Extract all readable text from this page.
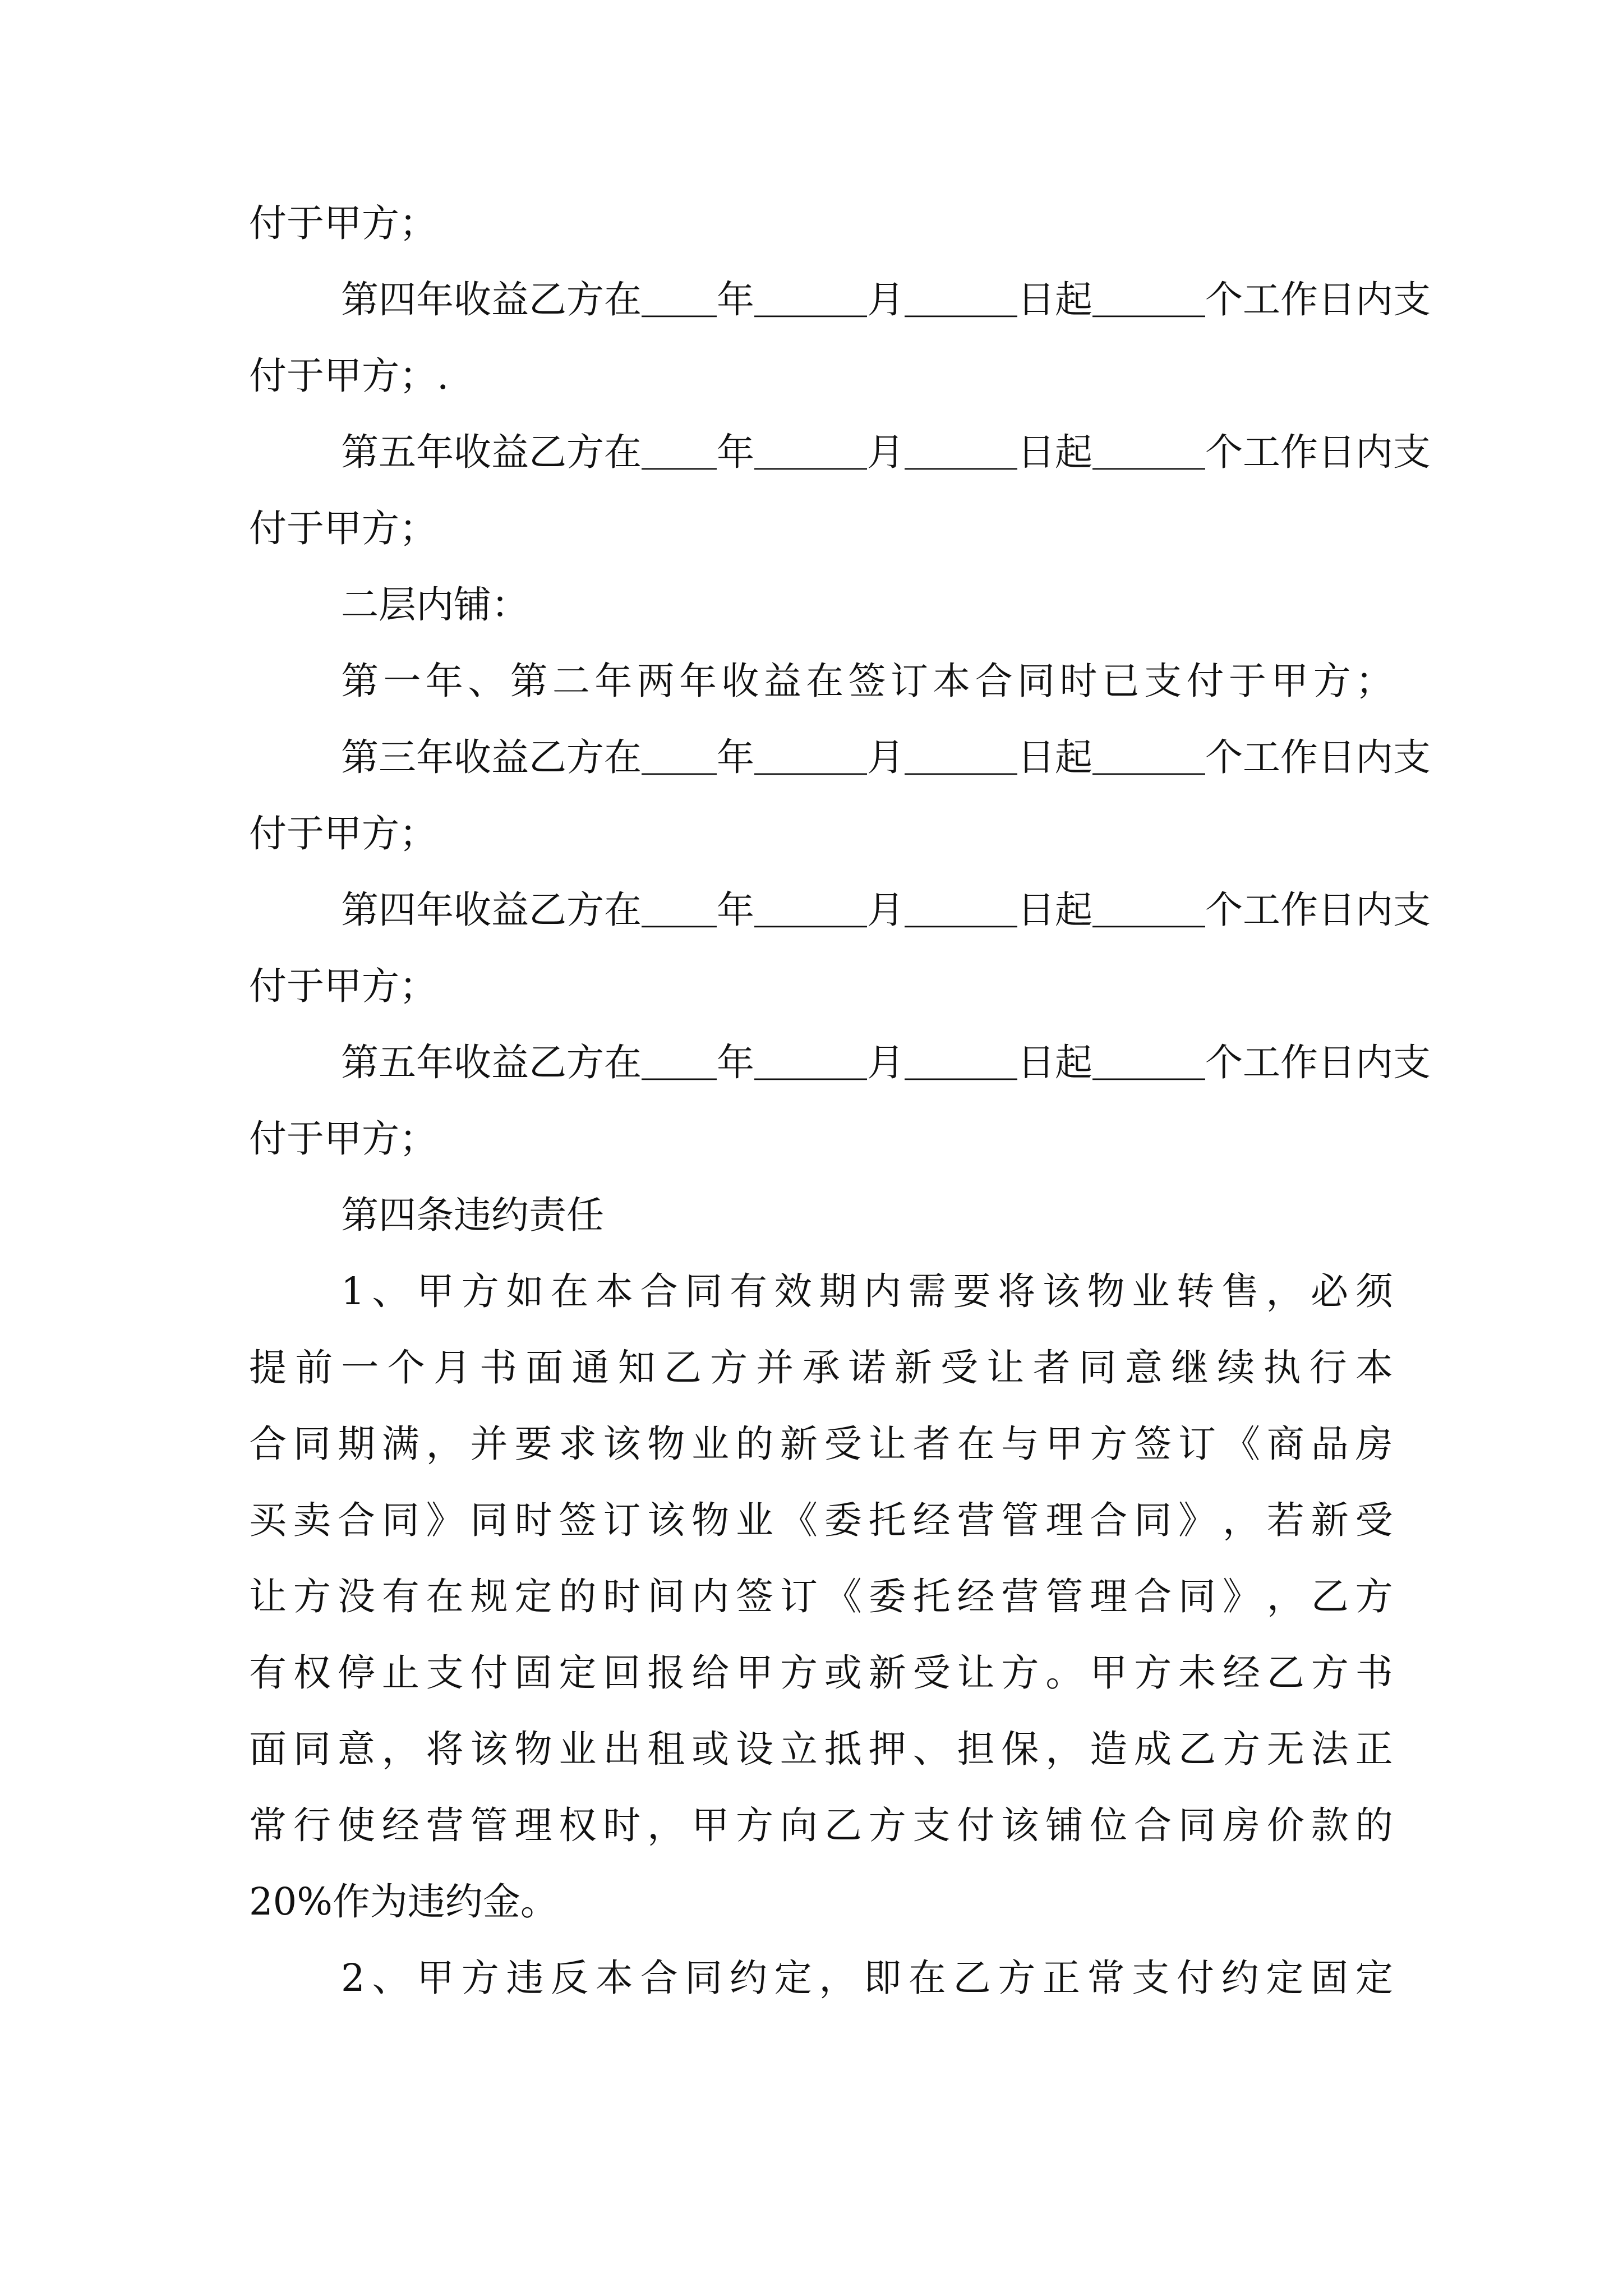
付于甲方；
第 四 年 收 益 乙 方 在 ＿ ＿ 年 ＿ ＿ ＿ 月 ＿ ＿ ＿ 日 起 ＿ ＿ ＿ 个 工 作 日 内 支
付于甲方；.
第 五 年 收 益 乙 方 在 ＿ ＿ 年 ＿ ＿ ＿ 月 ＿ ＿ ＿ 日 起 ＿ ＿ ＿ 个 工 作 日 内 支
付于甲方；
二层内铺：
第 一 年 、 第 二 年 两 年 收 益 在 签 订 本 合 同 时 已 支 付 于 甲 方 ；
第 三 年 收 益 乙 方 在 ＿ ＿ 年 ＿ ＿ ＿ 月 ＿ ＿ ＿ 日 起 ＿ ＿ ＿ 个 工 作 日 内 支
付于甲方；
第 四 年 收 益 乙 方 在 ＿ ＿ 年 ＿ ＿ ＿ 月 ＿ ＿ ＿ 日 起 ＿ ＿ ＿ 个 工 作 日 内 支
付于甲方；
第 五 年 收 益 乙 方 在 ＿ ＿ 年 ＿ ＿ ＿ 月 ＿ ＿ ＿ 日 起 ＿ ＿ ＿ 个 工 作 日 内 支
付于甲方；
第四条违约责任
1 、 甲 方 如 在 本 合 同 有 效 期 内 需 要 将 该 物 业 转 售 ， 必 须
提 前 一 个 月 书 面 通 知 乙 方 并 承 诺 新 受 让 者 同 意 继 续 执 行 本
合 同 期 满 ， 并 要 求 该 物 业 的 新 受 让 者 在 与 甲 方 签 订 《 商 品 房
买 卖 合 同 》 同 时 签 订 该 物 业 《 委 托 经 营 管 理 合 同 》 ， 若 新 受
让 方 没 有 在 规 定 的 时 间 内 签 订 《 委 托 经 营 管 理 合 同 》 ， 乙 方
有 权 停 止 支 付 固 定 回 报 给 甲 方 或 新 受 让 方 。 甲 方 未 经 乙 方 书
面 同 意 ， 将 该 物 业 出 租 或 设 立 抵 押 、 担 保 ， 造 成 乙 方 无 法 正
常 行 使 经 营 管 理 权 时 ， 甲 方 向 乙 方 支 付 该 铺 位 合 同 房 价 款 的
20%作为违约金。
2 、 甲 方 违 反 本 合 同 约 定 ， 即 在 乙 方 正 常 支 付 约 定 固 定
